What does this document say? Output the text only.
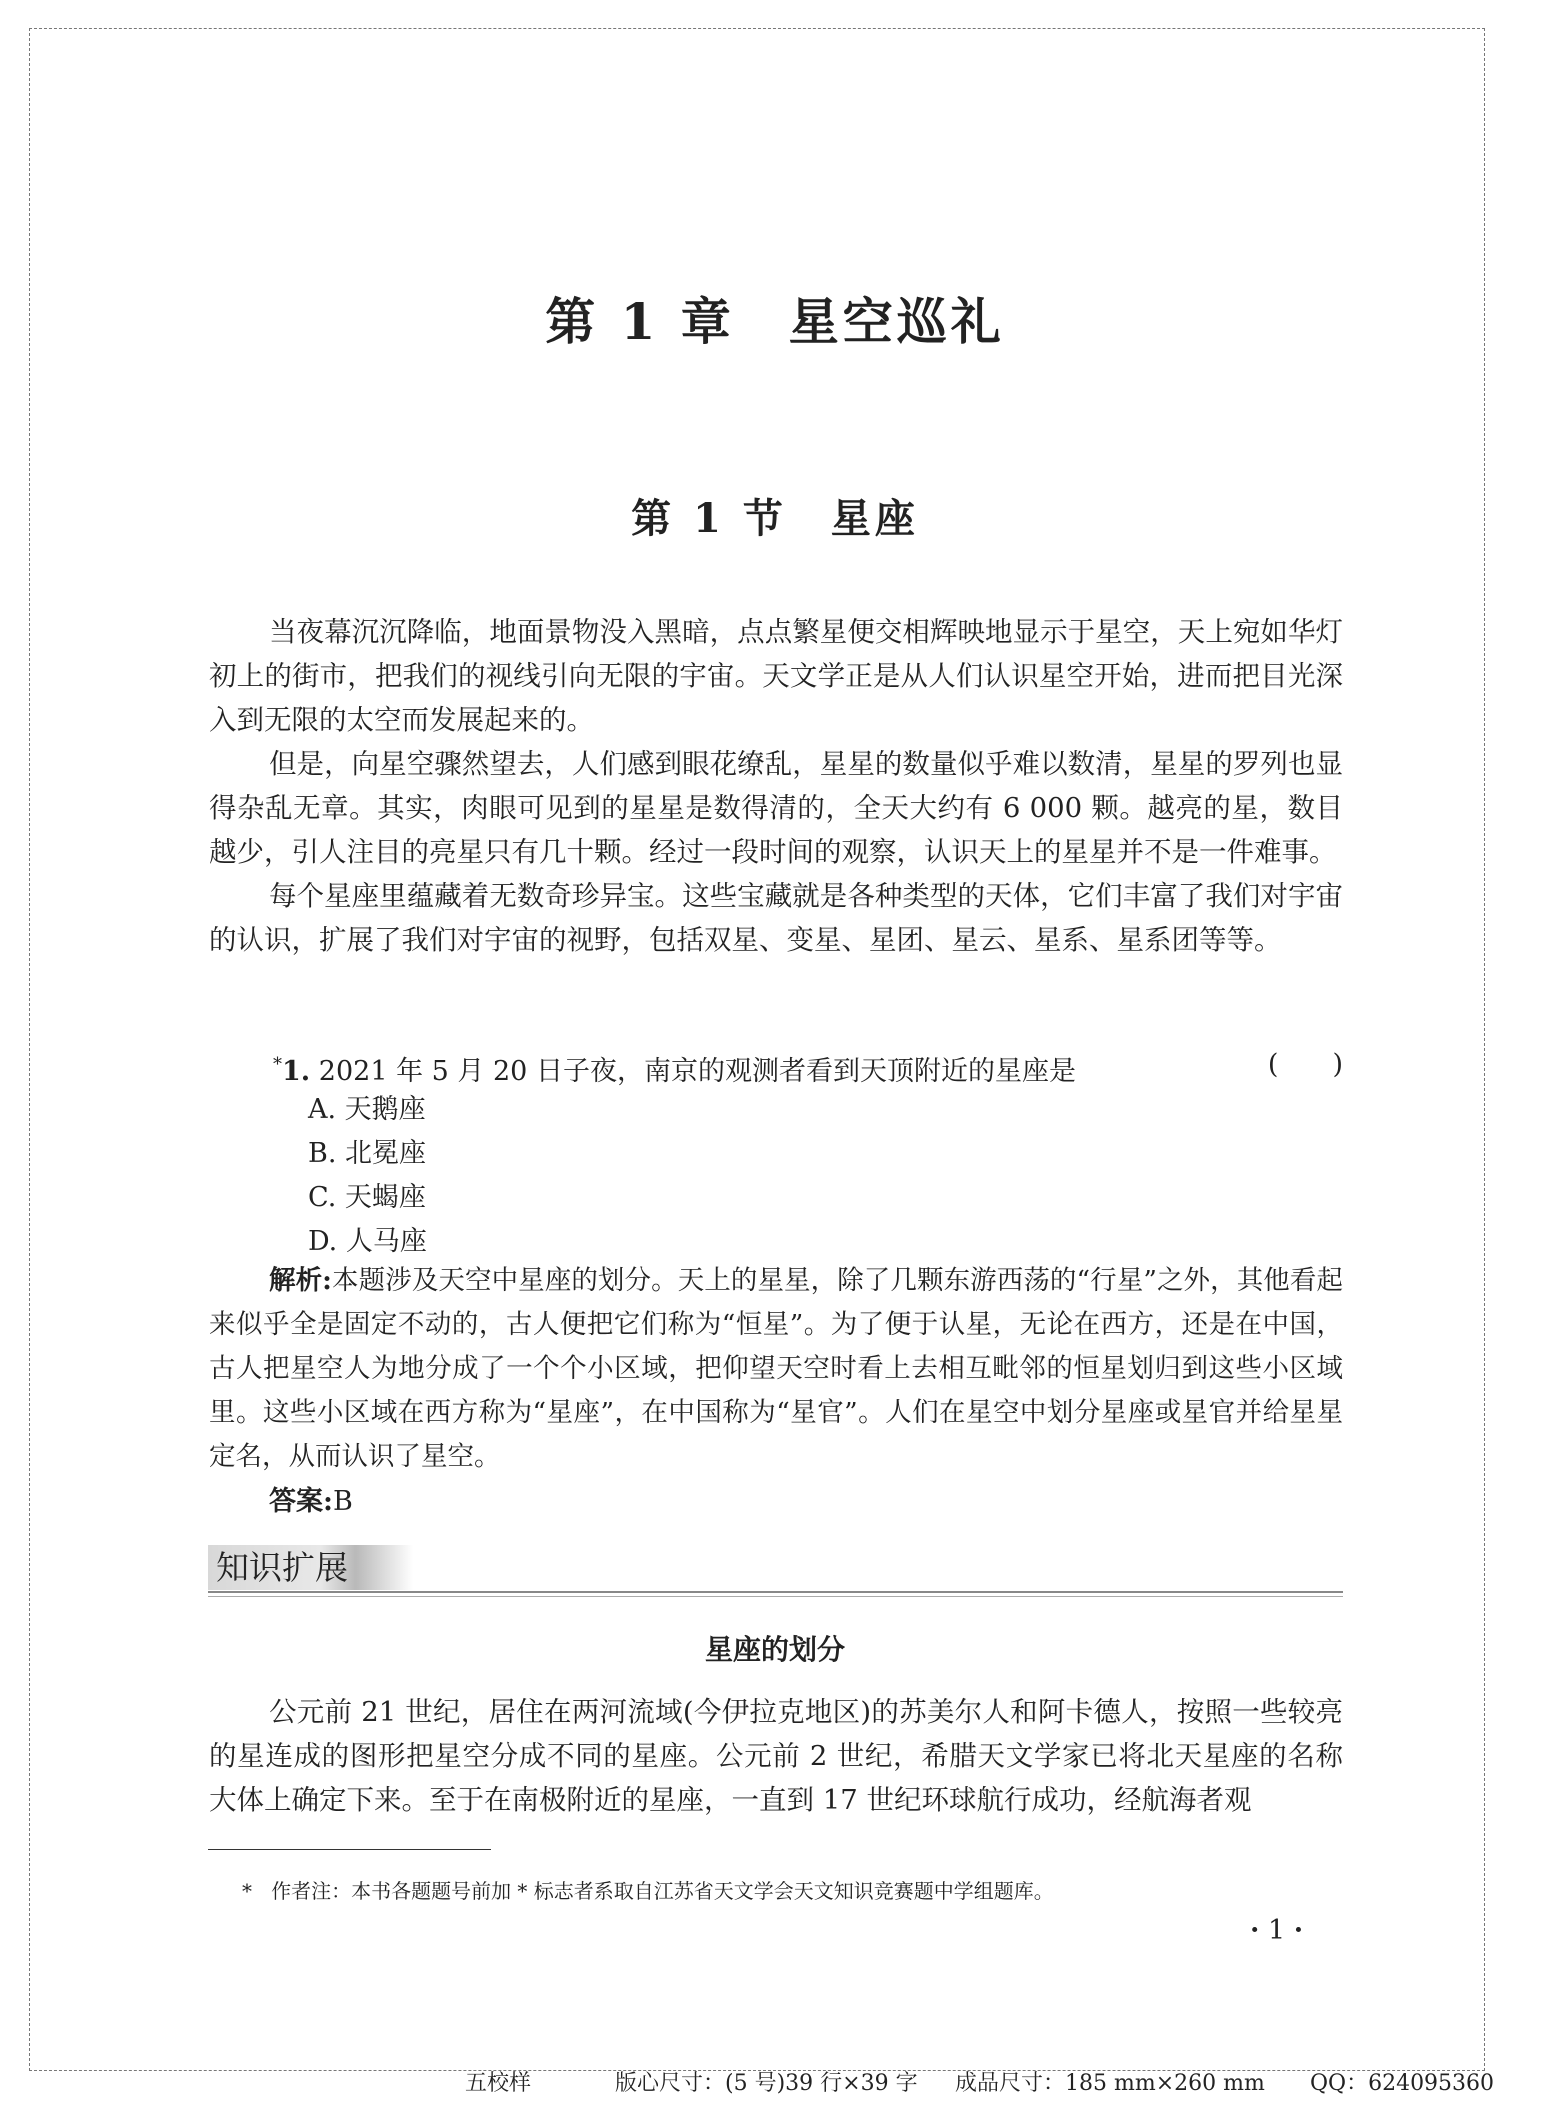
第 1 章　星空巡礼
第 1 节　星座

当夜幕沉沉降临，地面景物没入黑暗，点点繁星便交相辉映地显示于星空，天上宛如华灯初上的街市，把我们的视线引向无限的宇宙。天文学正是从人们认识星空开始，进而把目光深入到无限的太空而发展起来的。

但是，向星空骤然望去，人们感到眼花缭乱，星星的数量似乎难以数清，星星的罗列也显得杂乱无章。其实，肉眼可见到的星星是数得清的，全天大约有 6 000 颗。越亮的星，数目越少，引人注目的亮星只有几十颗。经过一段时间的观察，认识天上的星星并不是一件难事。

每个星座里蕴藏着无数奇珍异宝。这些宝藏就是各种类型的天体，它们丰富了我们对宇宙的认识，扩展了我们对宇宙的视野，包括双星、变星、星团、星云、星系、星系团等等。

*1. 2021 年 5 月 20 日子夜，南京的观测者看到天顶附近的星座是	(　　)
A. 天鹅座
B. 北冕座
C. 天蝎座
D. 人马座

解析:本题涉及天空中星座的划分。天上的星星，除了几颗东游西荡的“行星”之外，其他看起来似乎全是固定不动的，古人便把它们称为“恒星”。为了便于认星，无论在西方，还是在中国，古人把星空人为地分成了一个个小区域，把仰望天空时看上去相互毗邻的恒星划归到这些小区域里。这些小区域在西方称为“星座”，在中国称为“星官”。人们在星空中划分星座或星官并给星星定名，从而认识了星空。

答案:B
知识扩展
星座的划分

公元前 21 世纪，居住在两河流域(今伊拉克地区)的苏美尔人和阿卡德人，按照一些较亮的星连成的图形把星空分成不同的星座。公元前 2 世纪，希腊天文学家已将北天星座的名称大体上确定下来。至于在南极附近的星座，一直到 17 世纪环球航行成功，经航海者观

* 作者注：本书各题题号前加 * 标志者系取自江苏省天文学会天文知识竞赛题中学组题库。
· 1 ·
五校样	版心尺寸：(5 号)39 行×39 字 成品尺寸：185 mm×260 mm QQ：624095360
